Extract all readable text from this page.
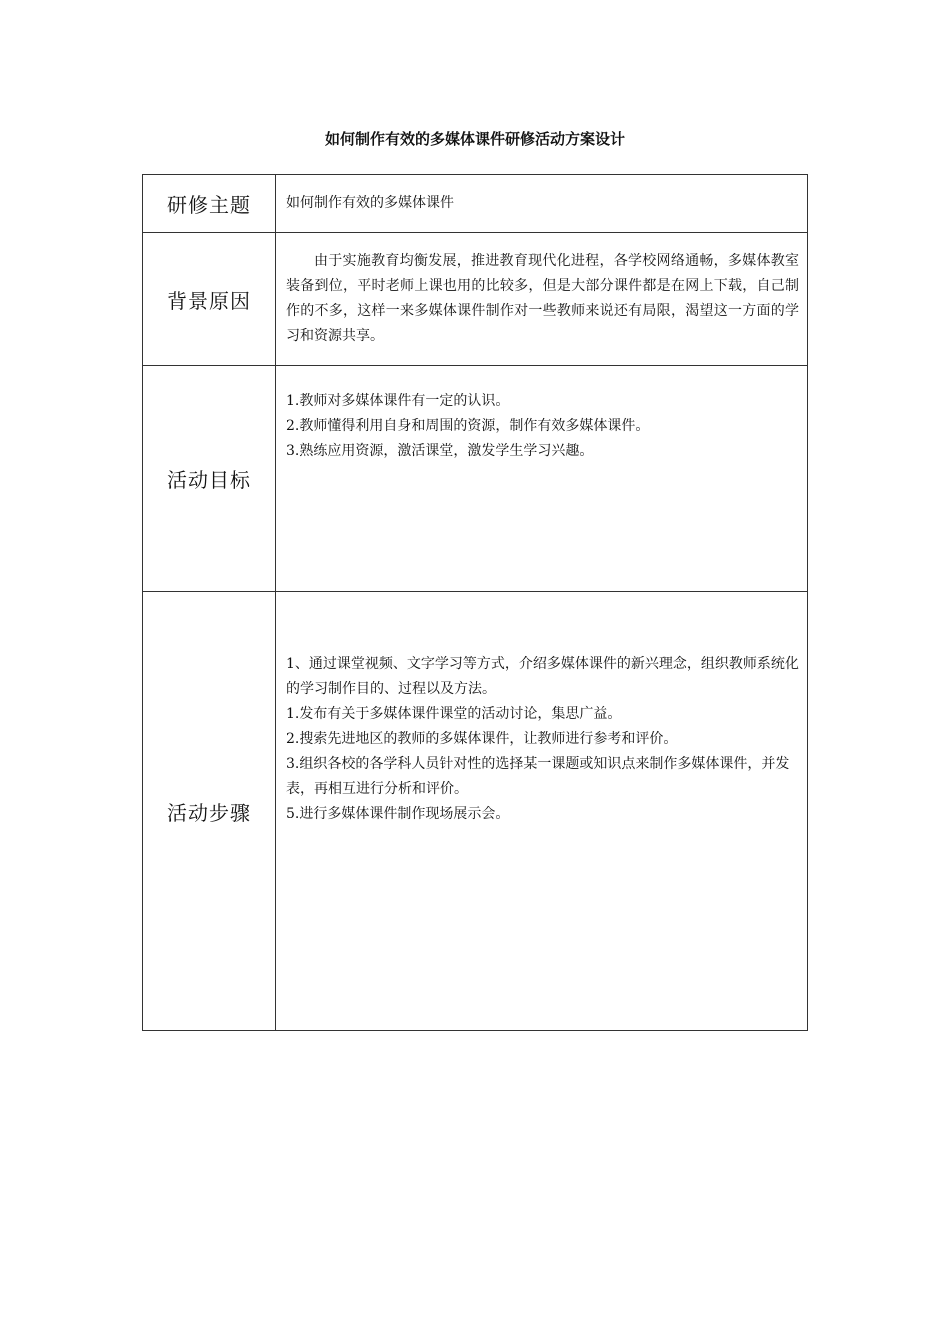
如何制作有效的多媒体课件研修活动方案设计
研修主题	如何制作有效的多媒体课件
背景原因	由于实施教育均衡发展，推进教育现代化进程，各学校网络通畅，多媒体教室装备到位，平时老师上课也用的比较多，但是大部分课件都是在网上下载，自己制作的不多，这样一来多媒体课件制作对一些教师来说还有局限，渴望这一方面的学习和资源共享。

活动目标	1.教师对多媒体课件有一定的认识。
2.教师懂得利用自身和周围的资源，制作有效多媒体课件。
3.熟练应用资源，激活课堂，激发学生学习兴趣。

活动步骤	1、通过课堂视频、文字学习等方式，介绍多媒体课件的新兴理念，组织教师系统化的学习制作目的、过程以及方法。
1.发布有关于多媒体课件课堂的活动讨论，集思广益。
2.搜索先进地区的教师的多媒体课件，让教师进行参考和评价。
3.组织各校的各学科人员针对性的选择某一课题或知识点来制作多媒体课件，并发表，再相互进行分析和评价。
5.进行多媒体课件制作现场展示会。
